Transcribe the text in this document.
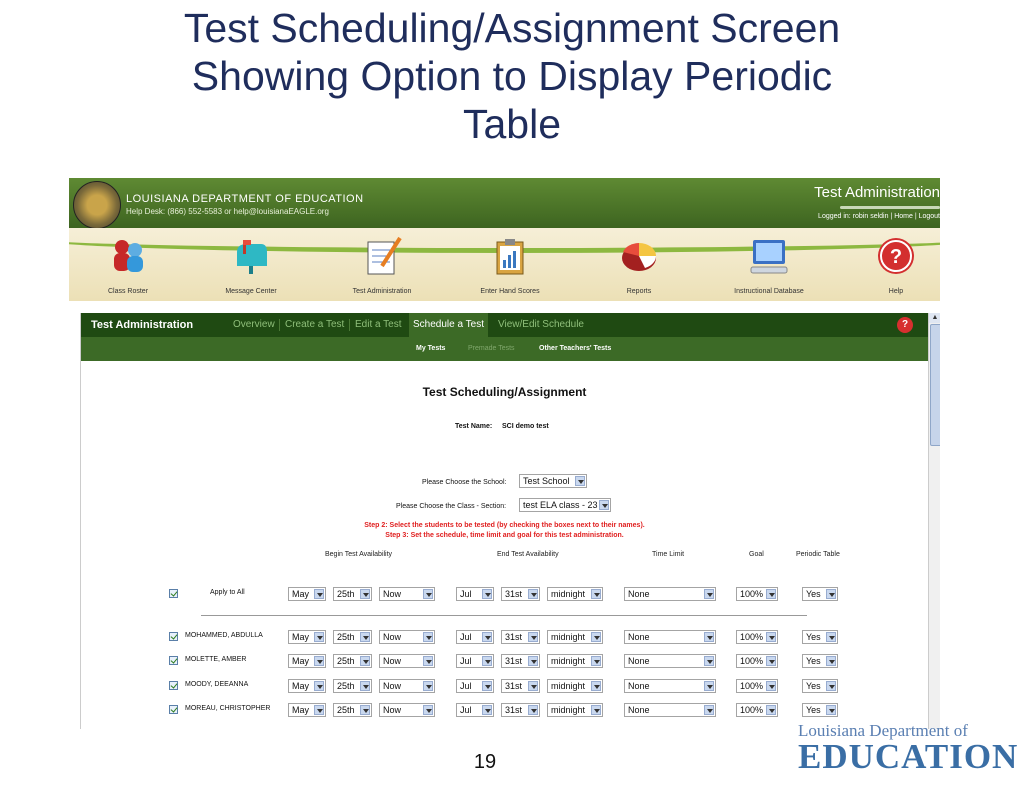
Test Scheduling/Assignment Screen
Showing Option to Display Periodic
Table
LOUISIANA DEPARTMENT OF EDUCATION
Help Desk: (866) 552-5583 or help@louisianaEAGLE.org
Test Administration
Logged in: robin seldin | Home | Logout
Class Roster	Message Center	Test Administration	Enter Hand Scores	Reports	Instructional Database
?
Help
Test Administration	Overview	Create a Test	Edit a Test	Schedule a Test	View/Edit Schedule	?
My Tests	Premade Tests	Other Teachers' Tests
▲
Test Scheduling/Assignment
Test Name: SCI demo test
Please Choose the School: Test School
Please Choose the Class - Section: test ELA class - 23
Step 2: Select the students to be tested (by checking the boxes next to their names).
Step 3: Set the schedule, time limit and goal for this test administration.
Begin Test Availability	End Test Availability	Time Limit	Goal	Periodic Table
Apply to All	May	25th	Now	Jul	31st	midnight	None	100%	Yes
MOHAMMED, ABDULLA	May	25th	Now	Jul	31st	midnight	None	100%	Yes
MOLETTE, AMBER	May	25th	Now	Jul	31st	midnight	None	100%	Yes
MOODY, DEEANNA	May	25th	Now	Jul	31st	midnight	None	100%	Yes
MOREAU, CHRISTOPHER May	25th	Now	Jul	31st	midnight	None	100%	Yes
19
Louisiana Department of
EDUCATION
